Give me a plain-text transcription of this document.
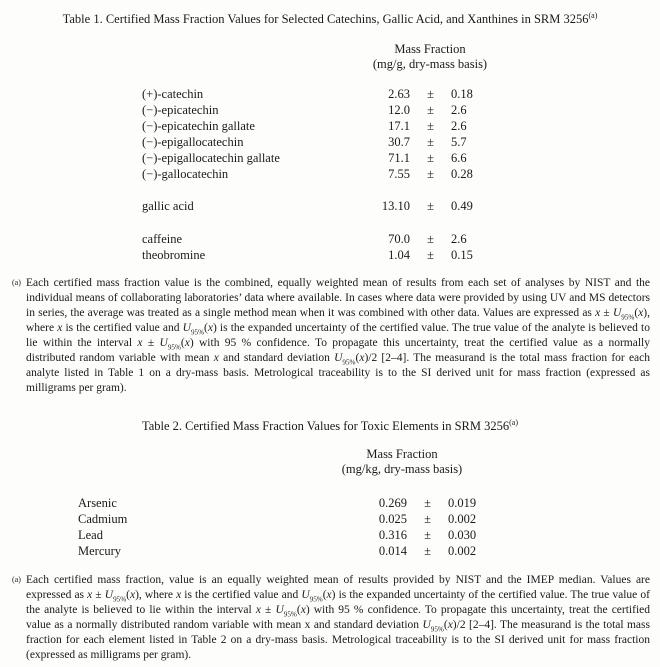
Table 1. Certified Mass Fraction Values for Selected Catechins, Gallic Acid, and Xanthines in SRM 3256$^{(a)}$
Mass Fraction
(mg/g, dry-mass basis)
(+)-catechin	2.63	±	0.18
(−)-epicatechin	12.0	±	2.6
(−)-epicatechin gallate	17.1	±	2.6
(−)-epigallocatechin	30.7	±	5.7
(−)-epigallocatechin gallate	71.1	±	6.6
(−)-gallocatechin	7.55	±	0.28
gallic acid	13.10	±	0.49
caffeine	70.0	±	2.6
theobromine	1.04	±	0.15
(a) Each certified mass fraction value is the combined, equally weighted mean of results from each set of analyses by NIST and the individual means of collaborating laboratories’ data where available. In cases where data were provided by using UV and MS detectors in series, the average was treated as a single method mean when it was combined with other data. Values are expressed as $x \pm U_{95\%}(x)$, where x is the certified value and $U_{95\%}(x)$ is the expanded uncertainty of the certified value. The true value of the analyte is believed to lie within the interval $x \pm U_{95\%}(x)$ with 95 % confidence. To propagate this uncertainty, treat the certified value as a normally distributed random variable with mean x and standard deviation $U_{95\%}(x)/2$ [2–4]. The measurand is the total mass fraction for each analyte listed in Table 1 on a dry-mass basis. Metrological traceability is to the SI derived unit for mass fraction (expressed as milligrams per gram).
Table 2. Certified Mass Fraction Values for Toxic Elements in SRM 3256$^{(a)}$
Mass Fraction
(mg/kg, dry-mass basis)
Arsenic	0.269	±	0.019
Cadmium	0.025	±	0.002
Lead	0.316	±	0.030
Mercury	0.014	±	0.002
(a) Each certified mass fraction, value is an equally weighted mean of results provided by NIST and the IMEP median. Values are expressed as $x \pm U_{95\%}(x)$, where x is the certified value and $U_{95\%}(x)$ is the expanded uncertainty of the certified value. The true value of the analyte is believed to lie within the interval $x \pm U_{95\%}(x)$ with 95 % confidence. To propagate this uncertainty, treat the certified value as a normally distributed random variable with mean x and standard deviation $U_{95\%}(x)/2$ [2–4]. The measurand is the total mass fraction for each element listed in Table 2 on a dry-mass basis. Metrological traceability is to the SI derived unit for mass fraction (expressed as milligrams per gram).
